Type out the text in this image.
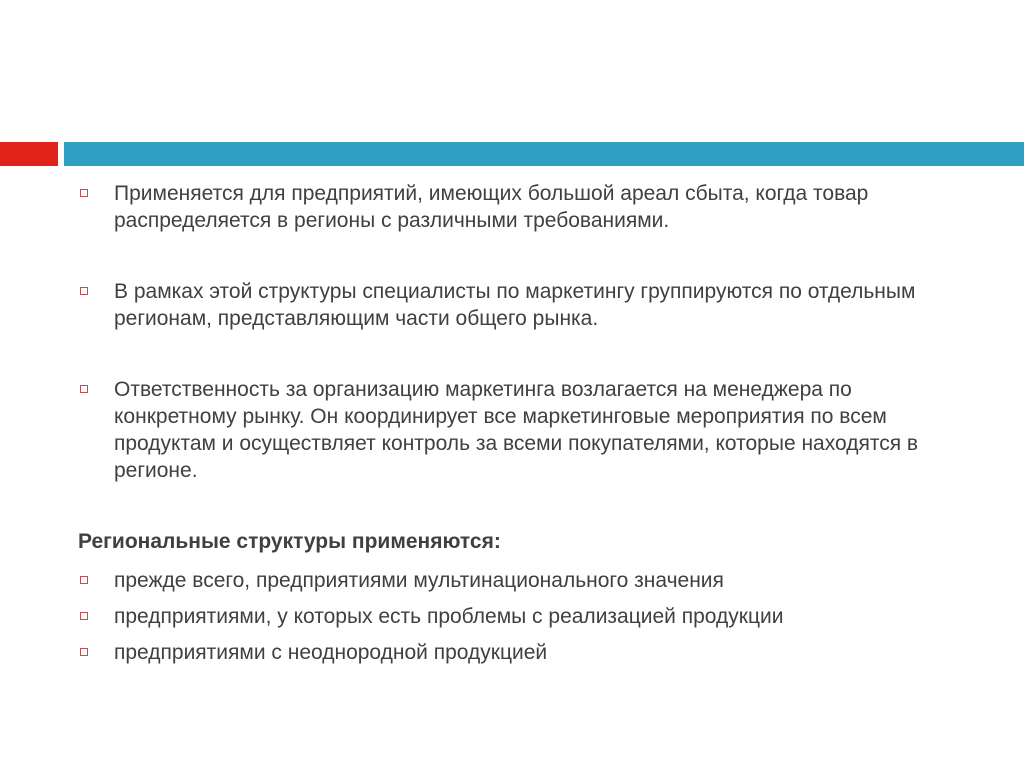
Применяется для предприятий, имеющих большой ареал сбыта, когда товар распределяется в регионы с различными требованиями.
В рамках этой структуры специалисты по маркетингу группируются по отдельным регионам, представляющим части общего рынка.
Ответственность за организацию маркетинга возлагается на менеджера по конкретному рынку. Он координирует все маркетинговые мероприятия по всем продуктам и осуществляет контроль за всеми покупателями, которые находятся в регионе.
Региональные структуры применяются:
прежде всего, предприятиями мультинационального значения
предприятиями, у которых есть проблемы с реализацией продукции
предприятиями с неоднородной продукцией
